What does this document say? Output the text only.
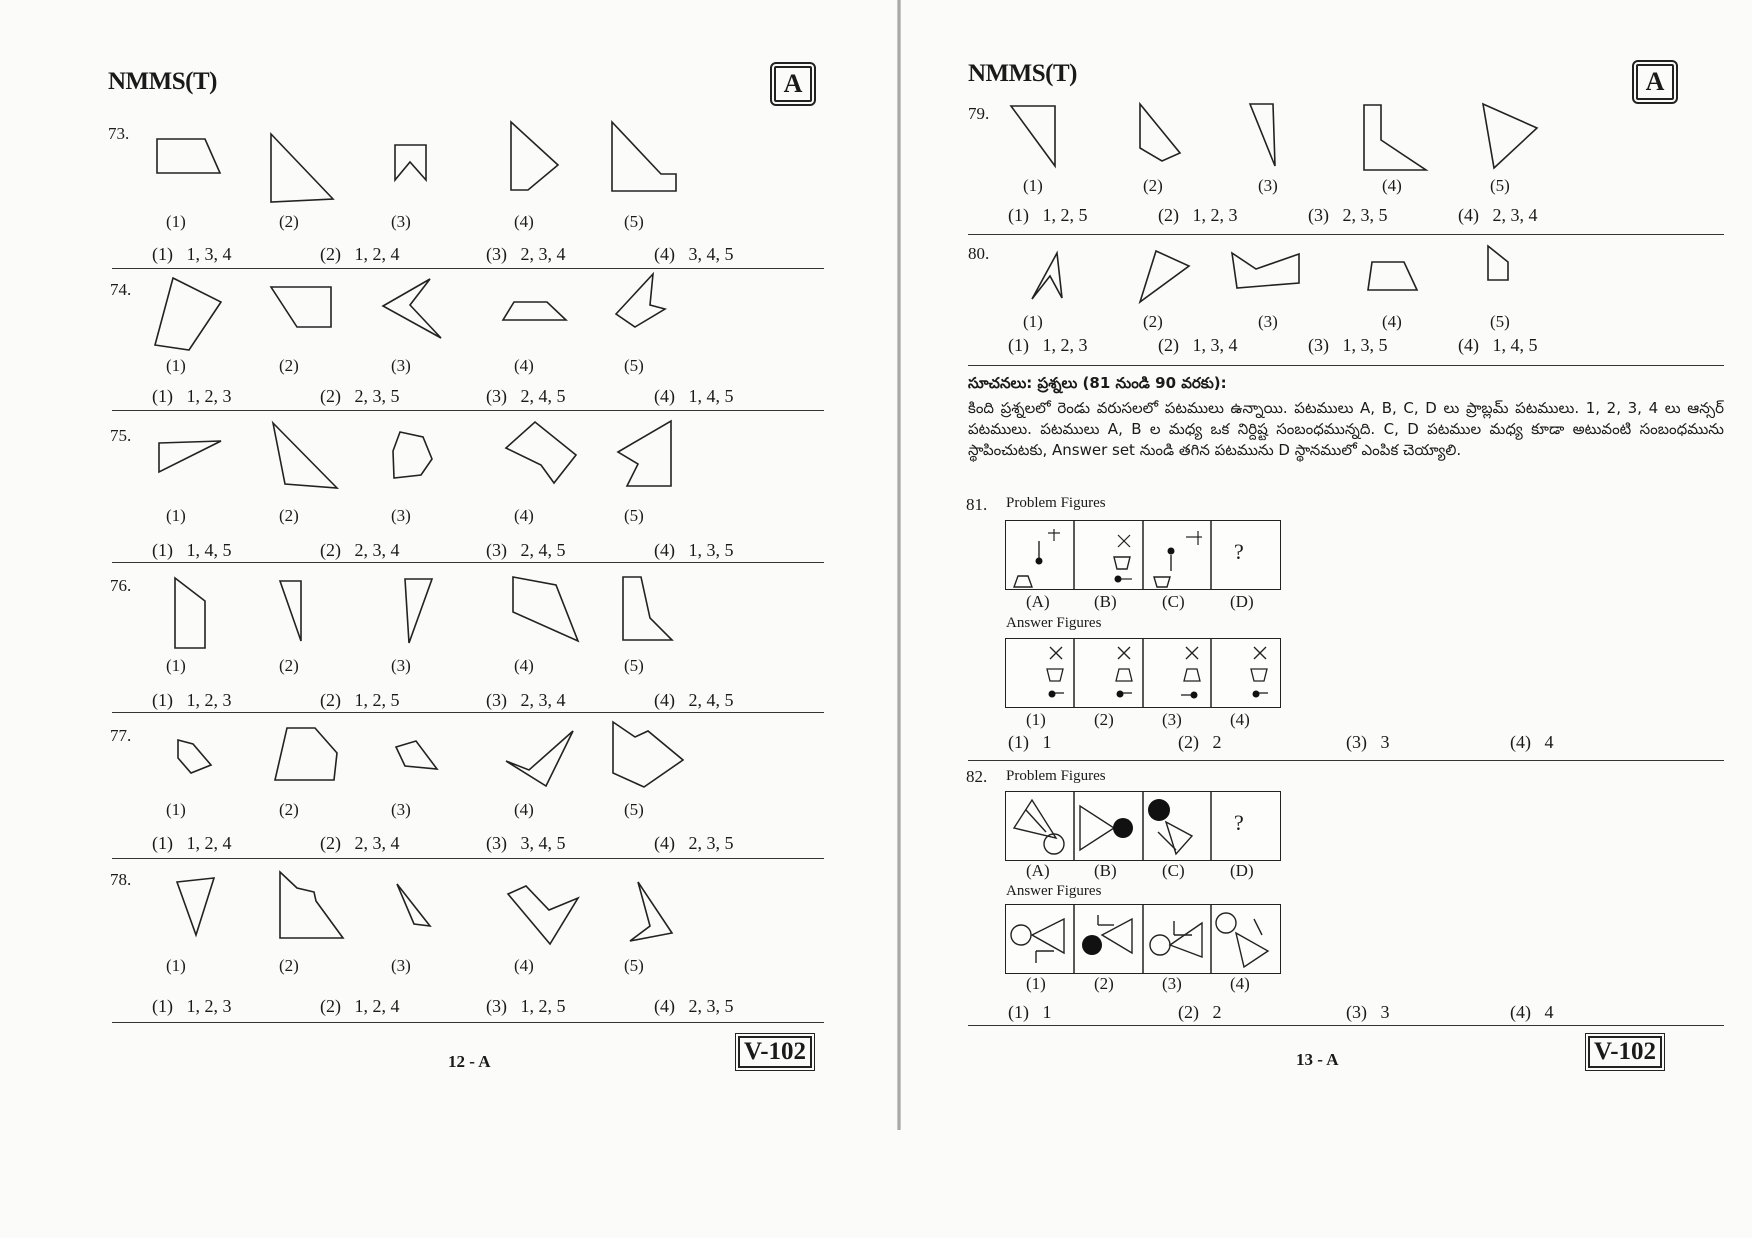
NMMS(T)	A
73.
(1)	(2)	(3)	(4)	(5)
74.
(1)	(2)	(3)	(4)	(5)
75.
(1)	(2)	(3)	(4)	(5)
76.
(1)	(2)	(3)	(4)	(5)
77.
(1)	(2)	(3)	(4)	(5)
78.
(1)	(2)	(3)	(4)	(5)
(1) 1, 3, 4	(2) 1, 2, 4	(3) 2, 3, 4	(4) 3, 4, 5
(1) 1, 2, 3	(2) 2, 3, 5	(3) 2, 4, 5	(4) 1, 4, 5
(1) 1, 4, 5	(2) 2, 3, 4	(3) 2, 4, 5	(4) 1, 3, 5
(1) 1, 2, 3	(2) 1, 2, 5	(3) 2, 3, 4	(4) 2, 4, 5
(1) 1, 2, 4	(2) 2, 3, 4	(3) 3, 4, 5	(4) 2, 3, 5
(1) 1, 2, 3	(2) 1, 2, 4	(3) 1, 2, 5	(4) 2, 3, 5
12 - A	V-102
NMMS(T)	A
79.
80.
(1)	(2)	(3)	(4)	(5)
(1)	(2)	(3)	(4)	(5)
(1) 1, 2, 5	(2) 1, 2, 3	(3) 2, 3, 5	(4) 2, 3, 4
(1) 1, 2, 3	(2) 1, 3, 4	(3) 1, 3, 5	(4) 1, 4, 5
సూచనలు: ప్రశ్నలు (81 నుండి 90 వరకు):
కింది ప్రశ్నలలో రెండు వరుసలలో పటములు ఉన్నాయి. పటములు A, B, C, D లు ప్రాబ్లమ్ పటములు. 1, 2, 3, 4 లు ఆన్సర్ పటములు. పటములు A, B ల మధ్య ఒక నిర్దిష్ట సంబంధమున్నది. C, D పటముల మధ్య కూడా అటువంటి సంబంధమును స్థాపించుటకు, Answer set నుండి తగిన పటమును D స్థానములో ఎంపిక చెయ్యాలి.
81. Problem Figures
?
(A)	(B)	(C)	(D)
Answer Figures
(1)	(2)	(3)	(4)
(1) 1	(2) 2	(3) 3	(4) 4
82. Problem Figures
?
(A)	(B)	(C)	(D)
Answer Figures
(1)	(2)	(3)	(4)
(1) 1	(2) 2	(3) 3	(4) 4
13 - A	V-102
